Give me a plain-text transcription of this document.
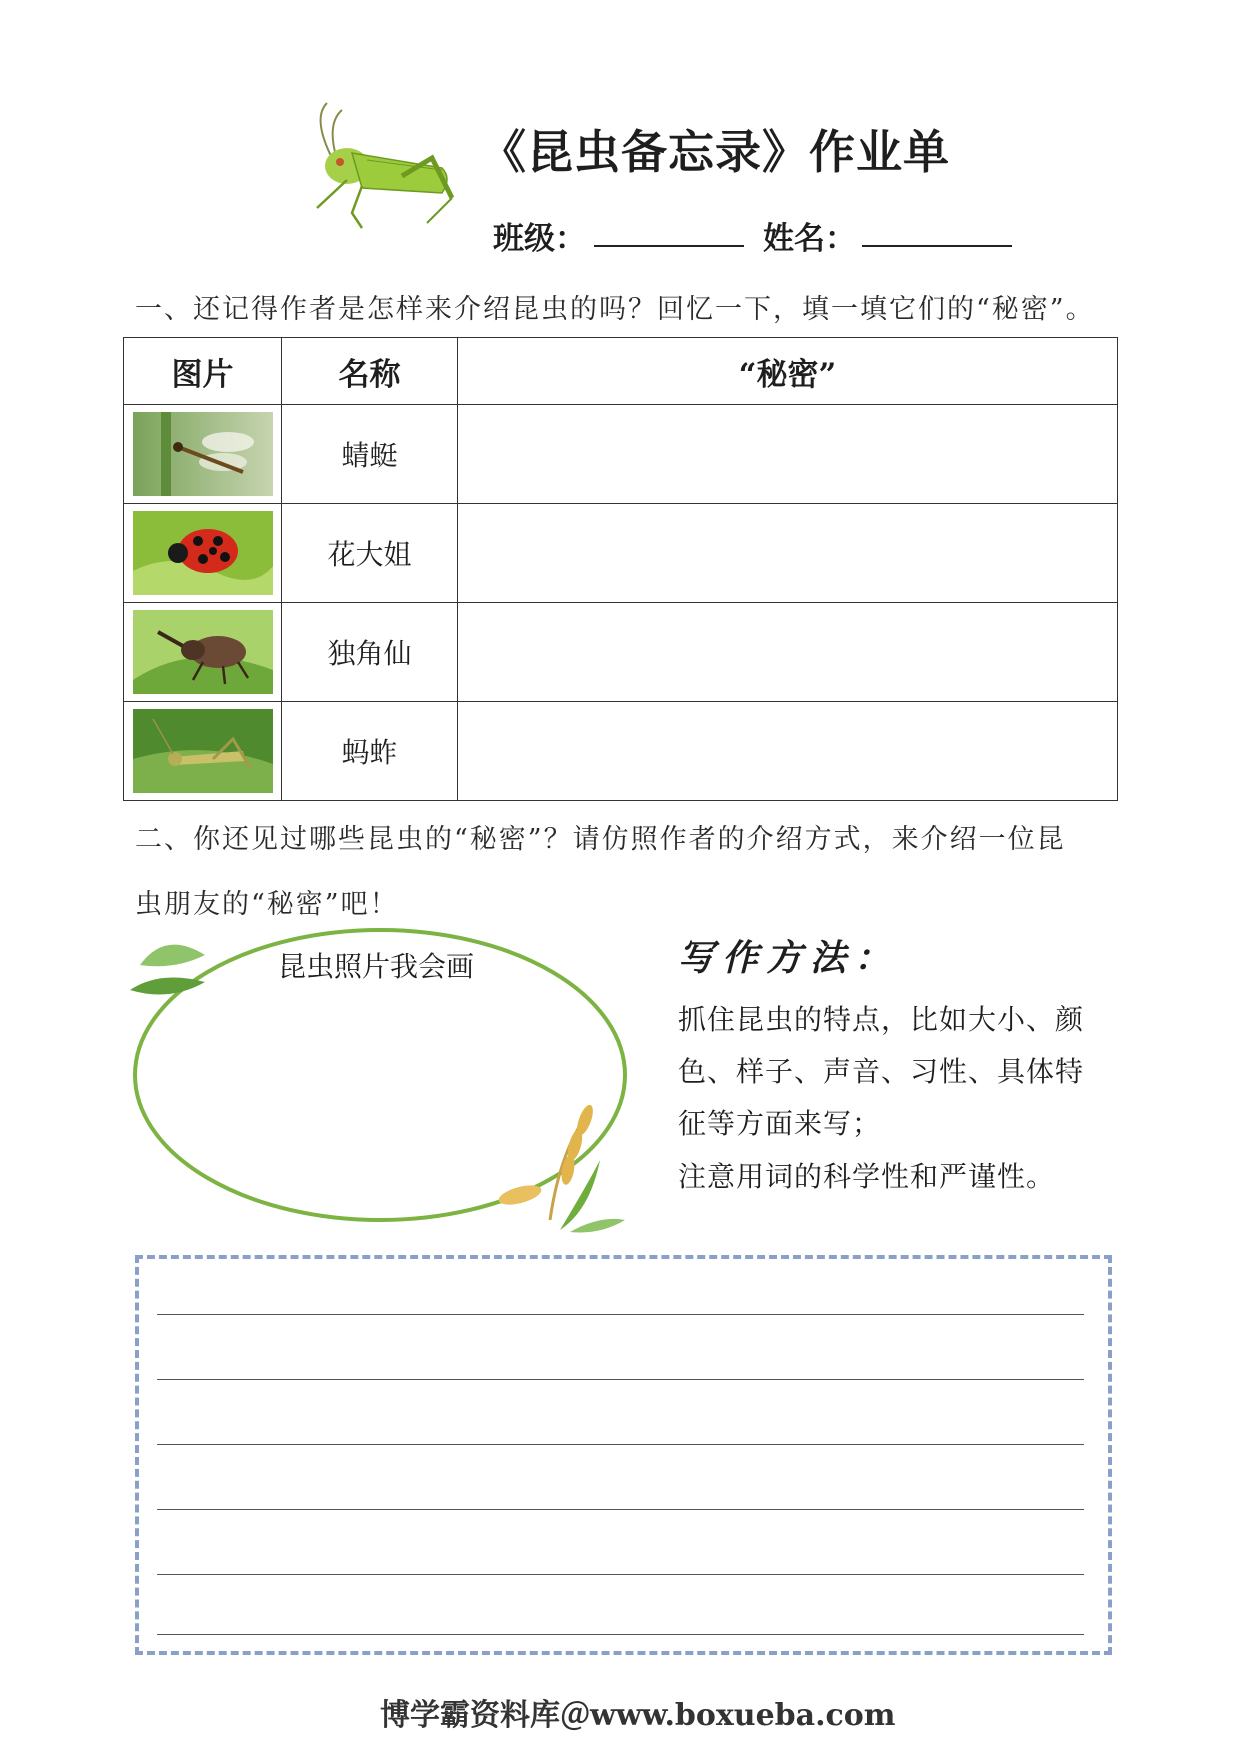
《昆虫备忘录》作业单
班级：	姓名：
一、还记得作者是怎样来介绍昆虫的吗？回忆一下，填一填它们的“秘密”。
图片	名称	“秘密”

	蜻蜓	

	花大姐	

	独角仙	

	蚂蚱	
二、你还见过哪些昆虫的“秘密”？请仿照作者的介绍方式，来介绍一位昆
虫朋友的“秘密”吧！
昆虫照片我会画	写作方法：
抓住昆虫的特点，比如大小、颜
色、样子、声音、习性、具体特
征等方面来写；
注意用词的科学性和严谨性。
博学霸资料库＠www.boxueba.com
